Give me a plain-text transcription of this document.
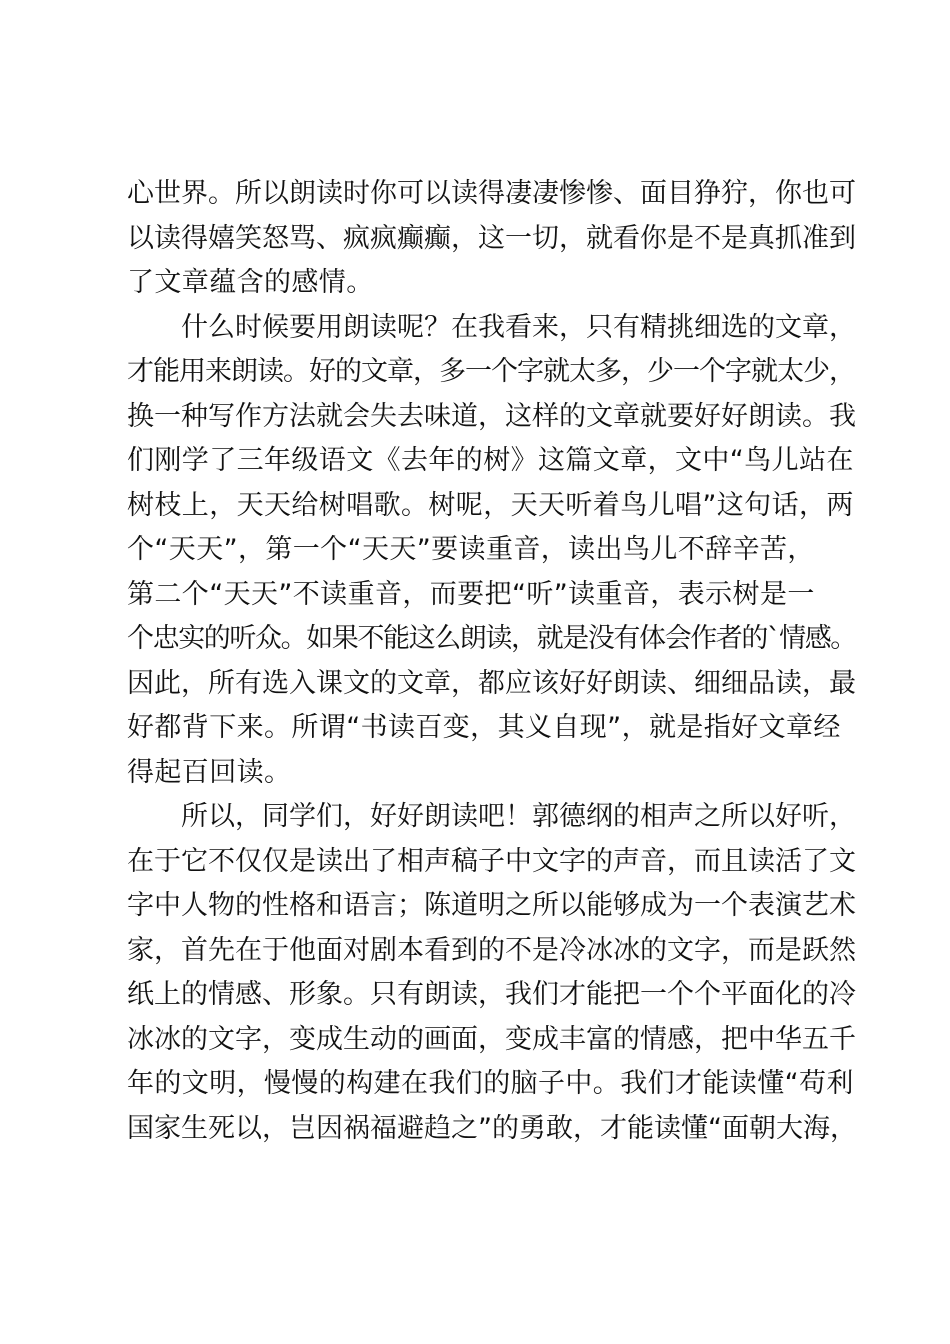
心世界。所以朗读时你可以读得凄凄惨惨、面目狰狞，你也可
以读得嬉笑怒骂、疯疯癫癫，这一切，就看你是不是真抓准到
了文章蕴含的感情。
什么时候要用朗读呢？在我看来，只有精挑细选的文章，
才能用来朗读。好的文章，多一个字就太多，少一个字就太少，
换一种写作方法就会失去味道，这样的文章就要好好朗读。我
们刚学了三年级语文《去年的树》这篇文章，文中“鸟儿站在
树枝上，天天给树唱歌。树呢，天天听着鸟儿唱”这句话，两
个“天天”，第一个“天天”要读重音，读出鸟儿不辞辛苦，
第二个“天天”不读重音，而要把“听”读重音，表示树是一
个忠实的听众。如果不能这么朗读，就是没有体会作者的`情感。
因此，所有选入课文的文章，都应该好好朗读、细细品读，最
好都背下来。所谓“书读百变，其义自现”，就是指好文章经
得起百回读。
所以，同学们，好好朗读吧！郭德纲的相声之所以好听，
在于它不仅仅是读出了相声稿子中文字的声音，而且读活了文
字中人物的性格和语言；陈道明之所以能够成为一个表演艺术
家，首先在于他面对剧本看到的不是冷冰冰的文字，而是跃然
纸上的情感、形象。只有朗读，我们才能把一个个平面化的冷
冰冰的文字，变成生动的画面，变成丰富的情感，把中华五千
年的文明，慢慢的构建在我们的脑子中。我们才能读懂“苟利
国家生死以，岂因祸福避趋之”的勇敢，才能读懂“面朝大海，
